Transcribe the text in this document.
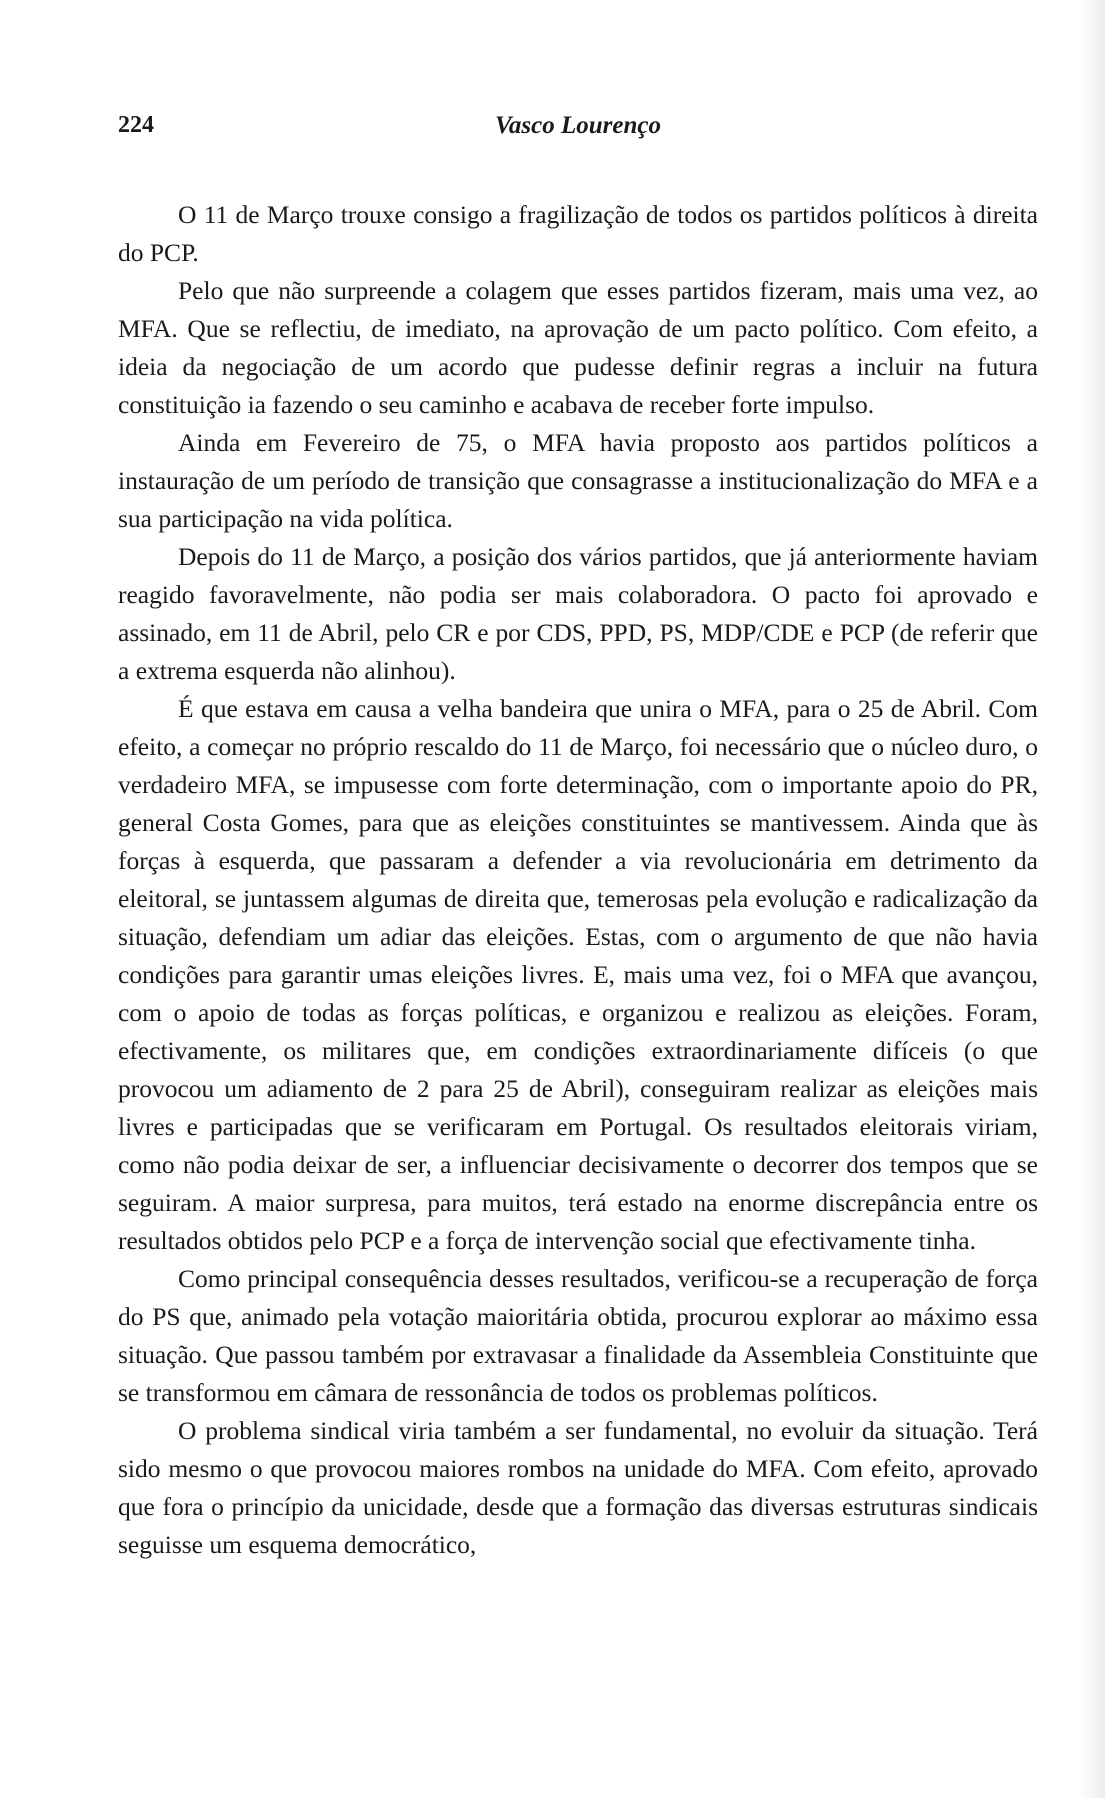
224	Vasco Lourenço

O 11 de Março trouxe consigo a fragilização de todos os partidos políticos à direita do PCP.

Pelo que não surpreende a colagem que esses partidos fizeram, mais uma vez, ao MFA. Que se reflectiu, de imediato, na aprovação de um pacto político. Com efeito, a ideia da negociação de um acordo que pudesse definir regras a incluir na futura constituição ia fazendo o seu caminho e acabava de receber forte impulso.

Ainda em Fevereiro de 75, o MFA havia proposto aos partidos políticos a instauração de um período de transição que consagrasse a institucionalização do MFA e a sua participação na vida política.

Depois do 11 de Março, a posição dos vários partidos, que já anteriormente haviam reagido favoravelmente, não podia ser mais colaboradora. O pacto foi aprovado e assinado, em 11 de Abril, pelo CR e por CDS, PPD, PS, MDP/CDE e PCP (de referir que a extrema esquerda não alinhou).

É que estava em causa a velha bandeira que unira o MFA, para o 25 de Abril. Com efeito, a começar no próprio rescaldo do 11 de Março, foi necessário que o núcleo duro, o verdadeiro MFA, se impusesse com forte determinação, com o importante apoio do PR, general Costa Gomes, para que as eleições constituintes se mantivessem. Ainda que às forças à esquerda, que passaram a defender a via revolucionária em detrimento da eleitoral, se juntassem algumas de direita que, temerosas pela evolução e radicalização da situação, defendiam um adiar das eleições. Estas, com o argumento de que não havia condições para garantir umas eleições livres. E, mais uma vez, foi o MFA que avançou, com o apoio de todas as forças políticas, e organizou e realizou as eleições. Foram, efectivamente, os militares que, em condições extraordinariamente difíceis (o que provocou um adiamento de 2 para 25 de Abril), conseguiram realizar as eleições mais livres e participadas que se verificaram em Portugal. Os resultados eleitorais viriam, como não podia deixar de ser, a influenciar decisivamente o decorrer dos tempos que se seguiram. A maior surpresa, para muitos, terá estado na enorme discrepância entre os resultados obtidos pelo PCP e a força de intervenção social que efectivamente tinha.

Como principal consequência desses resultados, verificou-se a recuperação de força do PS que, animado pela votação maioritária obtida, procurou explorar ao máximo essa situação. Que passou também por extravasar a finalidade da Assembleia Constituinte que se transformou em câmara de ressonância de todos os problemas políticos.

O problema sindical viria também a ser fundamental, no evoluir da situação. Terá sido mesmo o que provocou maiores rombos na unidade do MFA. Com efeito, aprovado que fora o princípio da unicidade, desde que a formação das diversas estruturas sindicais seguisse um esquema democrático,
